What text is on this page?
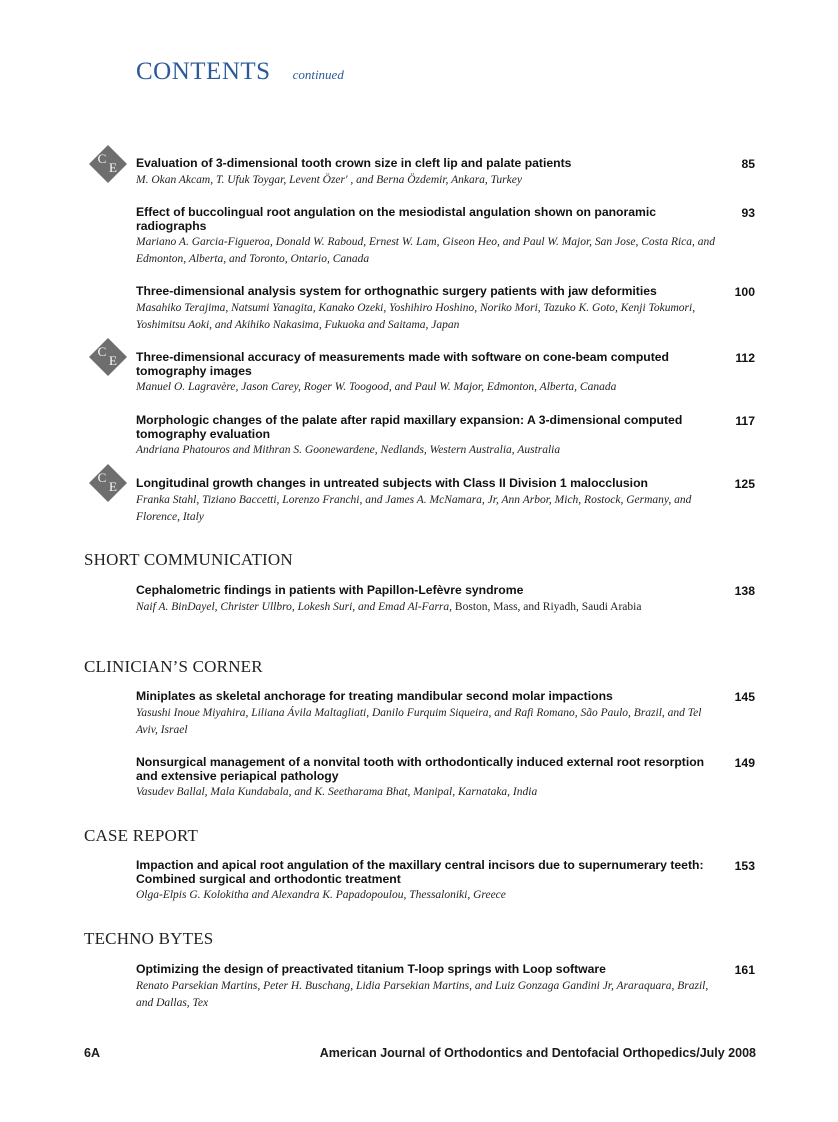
CONTENTS continued
C
E
C
E
C
E
Evaluation of 3-dimensional tooth crown size in cleft lip and palate patients
M. Okan Akcam, T. Ufuk Toygar, Levent Özer' , and Berna Özdemir, Ankara, Turkey
85
Effect of buccolingual root angulation on the mesiodistal angulation shown on panoramic radiographs
Mariano A. Garcia-Figueroa, Donald W. Raboud, Ernest W. Lam, Giseon Heo, and Paul W. Major, San Jose, Costa Rica, and Edmonton, Alberta, and Toronto, Ontario, Canada
93
Three-dimensional analysis system for orthognathic surgery patients with jaw deformities
Masahiko Terajima, Natsumi Yanagita, Kanako Ozeki, Yoshihiro Hoshino, Noriko Mori, Tazuko K. Goto, Kenji Tokumori, Yoshimitsu Aoki, and Akihiko Nakasima, Fukuoka and Saitama, Japan
100
Three-dimensional accuracy of measurements made with software on cone-beam computed tomography images
Manuel O. Lagravère, Jason Carey, Roger W. Toogood, and Paul W. Major, Edmonton, Alberta, Canada
112
Morphologic changes of the palate after rapid maxillary expansion: A 3-dimensional computed tomography evaluation
Andriana Phatouros and Mithran S. Goonewardene, Nedlands, Western Australia, Australia
117
Longitudinal growth changes in untreated subjects with Class II Division 1 malocclusion
Franka Stahl, Tiziano Baccetti, Lorenzo Franchi, and James A. McNamara, Jr, Ann Arbor, Mich, Rostock, Germany, and Florence, Italy
125
SHORT COMMUNICATION
Cephalometric findings in patients with Papillon-Lefèvre syndrome
Naif A. BinDayel, Christer Ullbro, Lokesh Suri, and Emad Al-Farra, Boston, Mass, and Riyadh, Saudi Arabia
138
CLINICIAN’S CORNER
Miniplates as skeletal anchorage for treating mandibular second molar impactions
Yasushi Inoue Miyahira, Liliana Ávila Maltagliati, Danilo Furquim Siqueira, and Rafi Romano, São Paulo, Brazil, and Tel Aviv, Israel
145
Nonsurgical management of a nonvital tooth with orthodontically induced external root resorption and extensive periapical pathology
Vasudev Ballal, Mala Kundabala, and K. Seetharama Bhat, Manipal, Karnataka, India
149
CASE REPORT
Impaction and apical root angulation of the maxillary central incisors due to supernumerary teeth: Combined surgical and orthodontic treatment
Olga-Elpis G. Kolokitha and Alexandra K. Papadopoulou, Thessaloniki, Greece
153
TECHNO BYTES
Optimizing the design of preactivated titanium T-loop springs with Loop software
Renato Parsekian Martins, Peter H. Buschang, Lidia Parsekian Martins, and Luiz Gonzaga Gandini Jr, Araraquara, Brazil, and Dallas, Tex
161
6A	American Journal of Orthodontics and Dentofacial Orthopedics/July 2008
